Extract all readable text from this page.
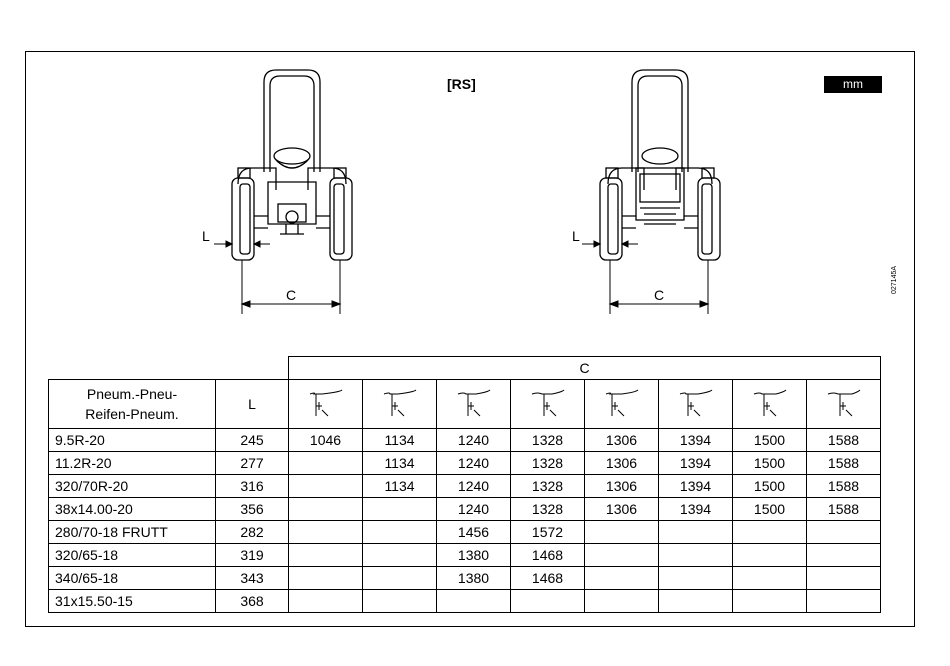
[RS]	mm
027145A
L
C
L
C
		C							
Pneum.-Pneu-
Reifen-Pneum.	L	

9.5R-20	245	1046	1134	1240	1328	1306	1394	1500	1588
11.2R-20	277		1134	1240	1328	1306	1394	1500	1588
320/70R-20	316		1134	1240	1328	1306	1394	1500	1588
38x14.00-20	356			1240	1328	1306	1394	1500	1588
280/70-18 FRUTT	282			1456	1572				
320/65-18	319			1380	1468				
340/65-18	343			1380	1468				
31x15.50-15	368								
